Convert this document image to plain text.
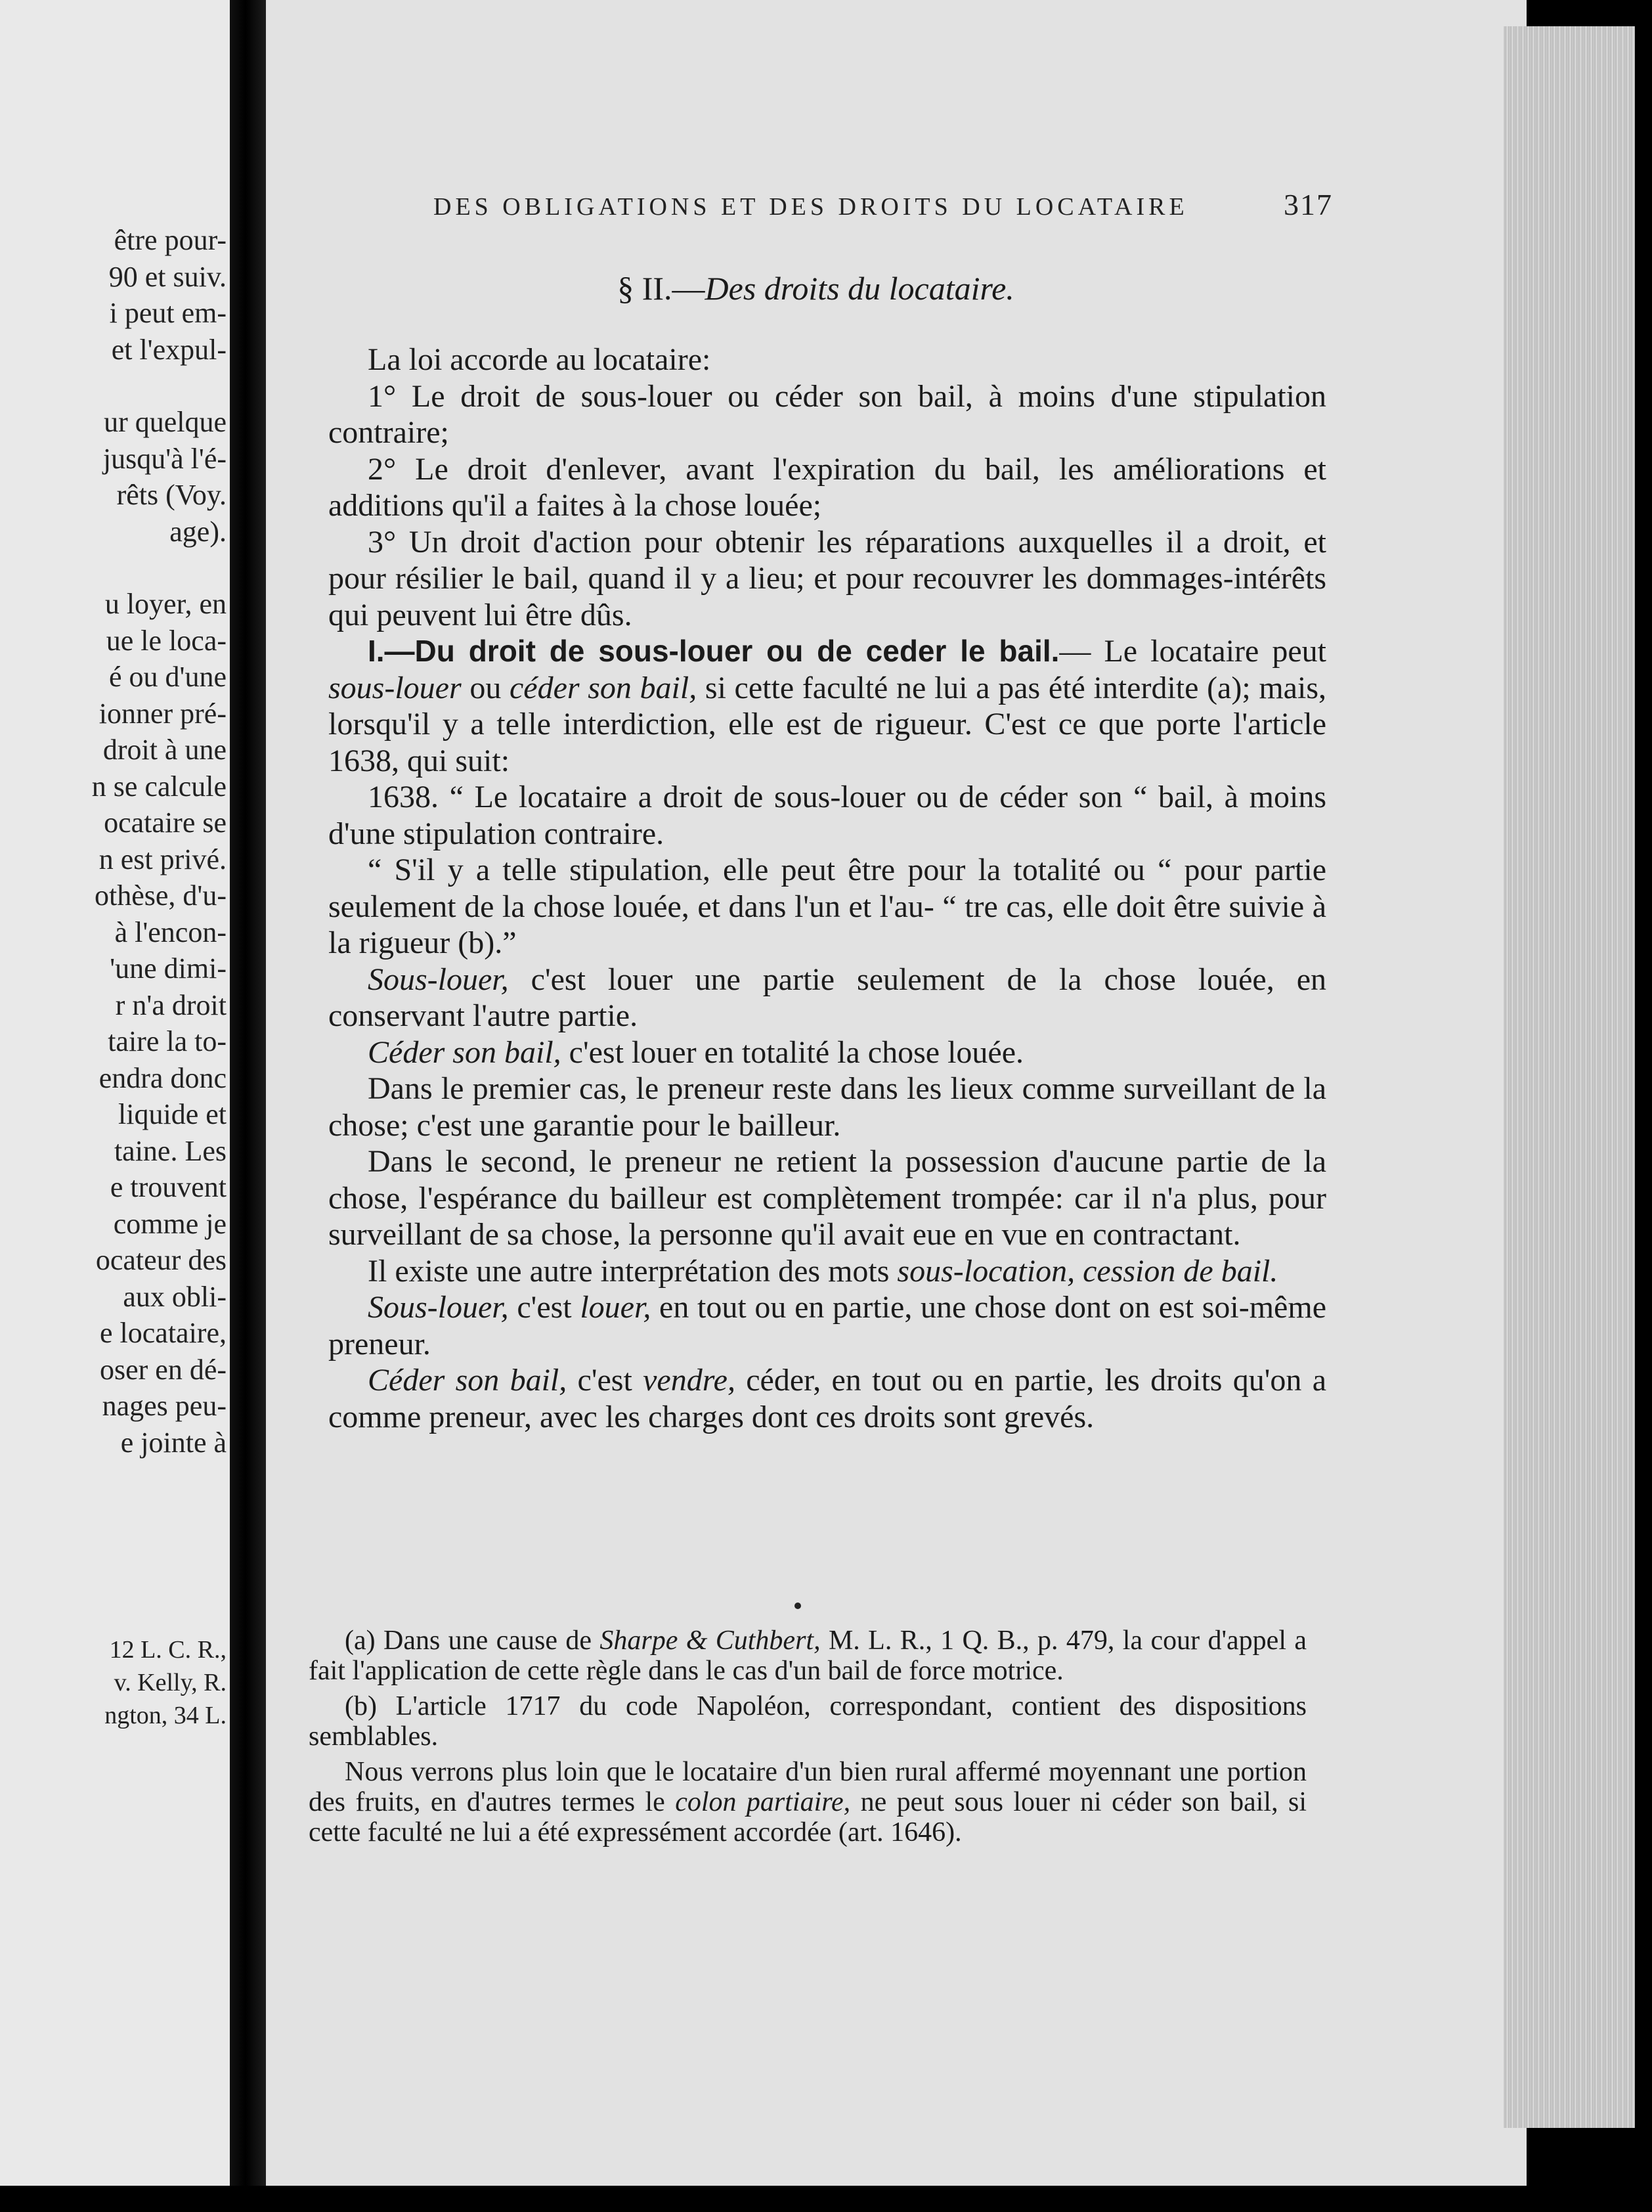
être pour-
90 et suiv.
i peut em-
et l'expul-
ur quelque
jusqu'à l'é-
rêts (Voy.
age).
u loyer, en
ue le loca-
é ou d'une
ionner pré-
droit à une
n se calcule
ocataire se
n est privé.
othèse, d'u-
à l'encon-
'une dimi-
r n'a droit
taire la to-
endra donc
liquide et
taine. Les
e trouvent
comme je
ocateur des
aux obli-
e locataire,
oser en dé-
nages peu-
e jointe à
12 L. C. R.,
v. Kelly, R.
ngton, 34 L.
DES OBLIGATIONS ET DES DROITS DU LOCATAIRE	317
§ II.—Des droits du locataire.

La loi accorde au locataire:

1° Le droit de sous-louer ou céder son bail, à moins d'une stipulation contraire;

2° Le droit d'enlever, avant l'expiration du bail, les améliorations et additions qu'il a faites à la chose louée;

3° Un droit d'action pour obtenir les réparations auxquelles il a droit, et pour résilier le bail, quand il y a lieu; et pour recouvrer les dommages-intérêts qui peuvent lui être dûs.

I.—Du droit de sous-louer ou de ceder le bail.— Le locataire peut sous-louer ou céder son bail, si cette faculté ne lui a pas été interdite (a); mais, lorsqu'il y a telle interdiction, elle est de rigueur. C'est ce que porte l'article 1638, qui suit:

1638. “ Le locataire a droit de sous-louer ou de céder son “ bail, à moins d'une stipulation contraire.

“ S'il y a telle stipulation, elle peut être pour la totalité ou “ pour partie seulement de la chose louée, et dans l'un et l'au- “ tre cas, elle doit être suivie à la rigueur (b).”

Sous-louer, c'est louer une partie seulement de la chose louée, en conservant l'autre partie.

Céder son bail, c'est louer en totalité la chose louée.

Dans le premier cas, le preneur reste dans les lieux comme surveillant de la chose; c'est une garantie pour le bailleur.

Dans le second, le preneur ne retient la possession d'aucune partie de la chose, l'espérance du bailleur est complètement trompée: car il n'a plus, pour surveillant de sa chose, la personne qu'il avait eue en vue en contractant.

Il existe une autre interprétation des mots sous-location, cession de bail.

Sous-louer, c'est louer, en tout ou en partie, une chose dont on est soi-même preneur.

Céder son bail, c'est vendre, céder, en tout ou en partie, les droits qu'on a comme preneur, avec les charges dont ces droits sont grevés.

(a) Dans une cause de Sharpe & Cuthbert, M. L. R., 1 Q. B., p. 479, la cour d'appel a fait l'application de cette règle dans le cas d'un bail de force motrice.

(b) L'article 1717 du code Napoléon, correspondant, contient des dispositions semblables.

Nous verrons plus loin que le locataire d'un bien rural affermé moyennant une portion des fruits, en d'autres termes le colon partiaire, ne peut sous louer ni céder son bail, si cette faculté ne lui a été expressément accordée (art. 1646).
